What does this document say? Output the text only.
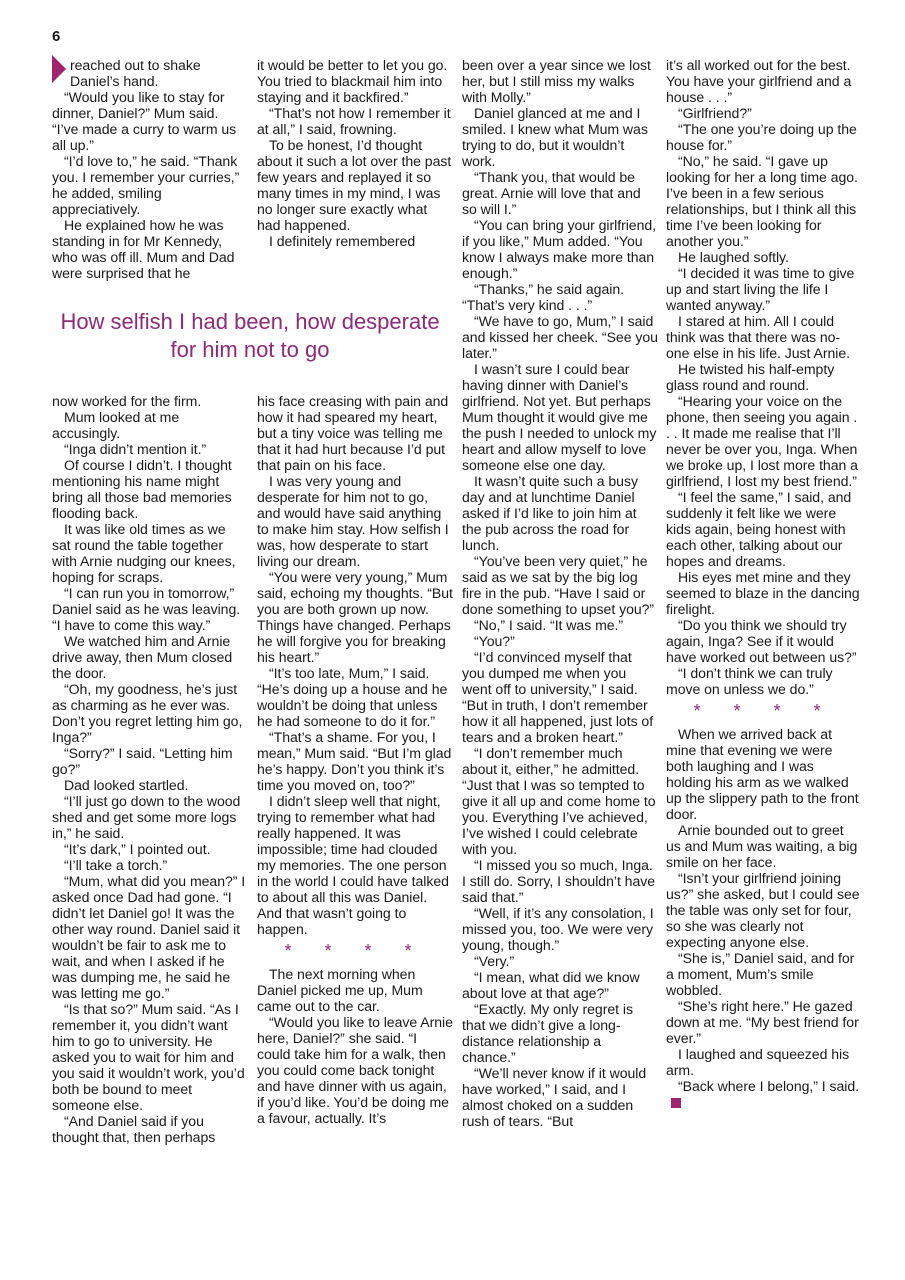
6

reached out to shake Daniel’s hand.

“Would you like to stay for dinner, Daniel?” Mum said. “I’ve made a curry to warm us all up.”

“I’d love to,” he said. “Thank you. I remember your curries,” he added, smiling appreciatively.

He explained how he was standing in for Mr Kennedy, who was off ill. Mum and Dad were surprised that he

it would be better to let you go. You tried to blackmail him into staying and it backfired.”

“That’s not how I remember it at all,” I said, frowning.

To be honest, I’d thought about it such a lot over the past few years and replayed it so many times in my mind, I was no longer sure exactly what had happened.

I definitely remembered

How selfish I had been, how desperate for him not to go

now worked for the firm.

Mum looked at me accusingly.

“Inga didn’t mention it.”

Of course I didn’t. I thought mentioning his name might bring all those bad memories flooding back.

It was like old times as we sat round the table together with Arnie nudging our knees, hoping for scraps.

“I can run you in tomorrow,” Daniel said as he was leaving. “I have to come this way.”

We watched him and Arnie drive away, then Mum closed the door.

“Oh, my goodness, he’s just as charming as he ever was. Don’t you regret letting him go, Inga?”

“Sorry?” I said. “Letting him go?”

Dad looked startled.

“I’ll just go down to the wood shed and get some more logs in,” he said.

“It’s dark,” I pointed out.

“I’ll take a torch.”

“Mum, what did you mean?” I asked once Dad had gone. “I didn’t let Daniel go! It was the other way round. Daniel said it wouldn’t be fair to ask me to wait, and when I asked if he was dumping me, he said he was letting me go.”

“Is that so?” Mum said. “As I remember it, you didn’t want him to go to university. He asked you to wait for him and you said it wouldn’t work, you’d both be bound to meet someone else.

“And Daniel said if you thought that, then perhaps

his face creasing with pain and how it had speared my heart, but a tiny voice was telling me that it had hurt because I’d put that pain on his face.

I was very young and desperate for him not to go, and would have said anything to make him stay. How selfish I was, how desperate to start living our dream.

“You were very young,” Mum said, echoing my thoughts. “But you are both grown up now. Things have changed. Perhaps he will forgive you for breaking his heart.”

“It’s too late, Mum,” I said. “He’s doing up a house and he wouldn’t be doing that unless he had someone to do it for.”

“That’s a shame. For you, I mean,” Mum said. “But I’m glad he’s happy. Don’t you think it’s time you moved on, too?”

I didn’t sleep well that night, trying to remember what had really happened. It was impossible; time had clouded my memories. The one person in the world I could have talked to about all this was Daniel. And that wasn’t going to happen.

* * * *

The next morning when Daniel picked me up, Mum came out to the car.

“Would you like to leave Arnie here, Daniel?” she said. “I could take him for a walk, then you could come back tonight and have dinner with us again, if you’d like. You’d be doing me a favour, actually. It’s

been over a year since we lost her, but I still miss my walks with Molly.”

Daniel glanced at me and I smiled. I knew what Mum was trying to do, but it wouldn’t work.

“Thank you, that would be great. Arnie will love that and so will I.”

“You can bring your girlfriend, if you like,” Mum added. “You know I always make more than enough.”

“Thanks,” he said again. “That’s very kind . . .”

“We have to go, Mum,” I said and kissed her cheek. “See you later.”

I wasn’t sure I could bear having dinner with Daniel’s girlfriend. Not yet. But perhaps Mum thought it would give me the push I needed to unlock my heart and allow myself to love someone else one day.

It wasn’t quite such a busy day and at lunchtime Daniel asked if I’d like to join him at the pub across the road for lunch.

“You’ve been very quiet,” he said as we sat by the big log fire in the pub. “Have I said or done something to upset you?”

“No,” I said. “It was me.”

“You?”

“I’d convinced myself that you dumped me when you went off to university,” I said. “But in truth, I don’t remember how it all happened, just lots of tears and a broken heart.”

“I don’t remember much about it, either,” he admitted. “Just that I was so tempted to give it all up and come home to you. Everything I’ve achieved, I’ve wished I could celebrate with you.

“I missed you so much, Inga. I still do. Sorry, I shouldn’t have said that.”

“Well, if it’s any consolation, I missed you, too. We were very young, though.”

“Very.”

“I mean, what did we know about love at that age?”

“Exactly. My only regret is that we didn’t give a long-distance relationship a chance.”

“We’ll never know if it would have worked,” I said, and I almost choked on a sudden rush of tears. “But

it’s all worked out for the best. You have your girlfriend and a house . . .”

“Girlfriend?”

“The one you’re doing up the house for.”

“No,” he said. “I gave up looking for her a long time ago. I’ve been in a few serious relationships, but I think all this time I’ve been looking for another you.”

He laughed softly.

“I decided it was time to give up and start living the life I wanted anyway.”

I stared at him. All I could think was that there was no-one else in his life. Just Arnie.

He twisted his half-empty glass round and round.

“Hearing your voice on the phone, then seeing you again . . . It made me realise that I’ll never be over you, Inga. When we broke up, I lost more than a girlfriend, I lost my best friend.”

“I feel the same,” I said, and suddenly it felt like we were kids again, being honest with each other, talking about our hopes and dreams.

His eyes met mine and they seemed to blaze in the dancing firelight.

“Do you think we should try again, Inga? See if it would have worked out between us?”

“I don’t think we can truly move on unless we do.”

* * * *

When we arrived back at mine that evening we were both laughing and I was holding his arm as we walked up the slippery path to the front door.

Arnie bounded out to greet us and Mum was waiting, a big smile on her face.

“Isn’t your girlfriend joining us?” she asked, but I could see the table was only set for four, so she was clearly not expecting anyone else.

“She is,” Daniel said, and for a moment, Mum’s smile wobbled.

“She’s right here.” He gazed down at me. “My best friend for ever.”

I laughed and squeezed his arm.

“Back where I belong,” I said.
